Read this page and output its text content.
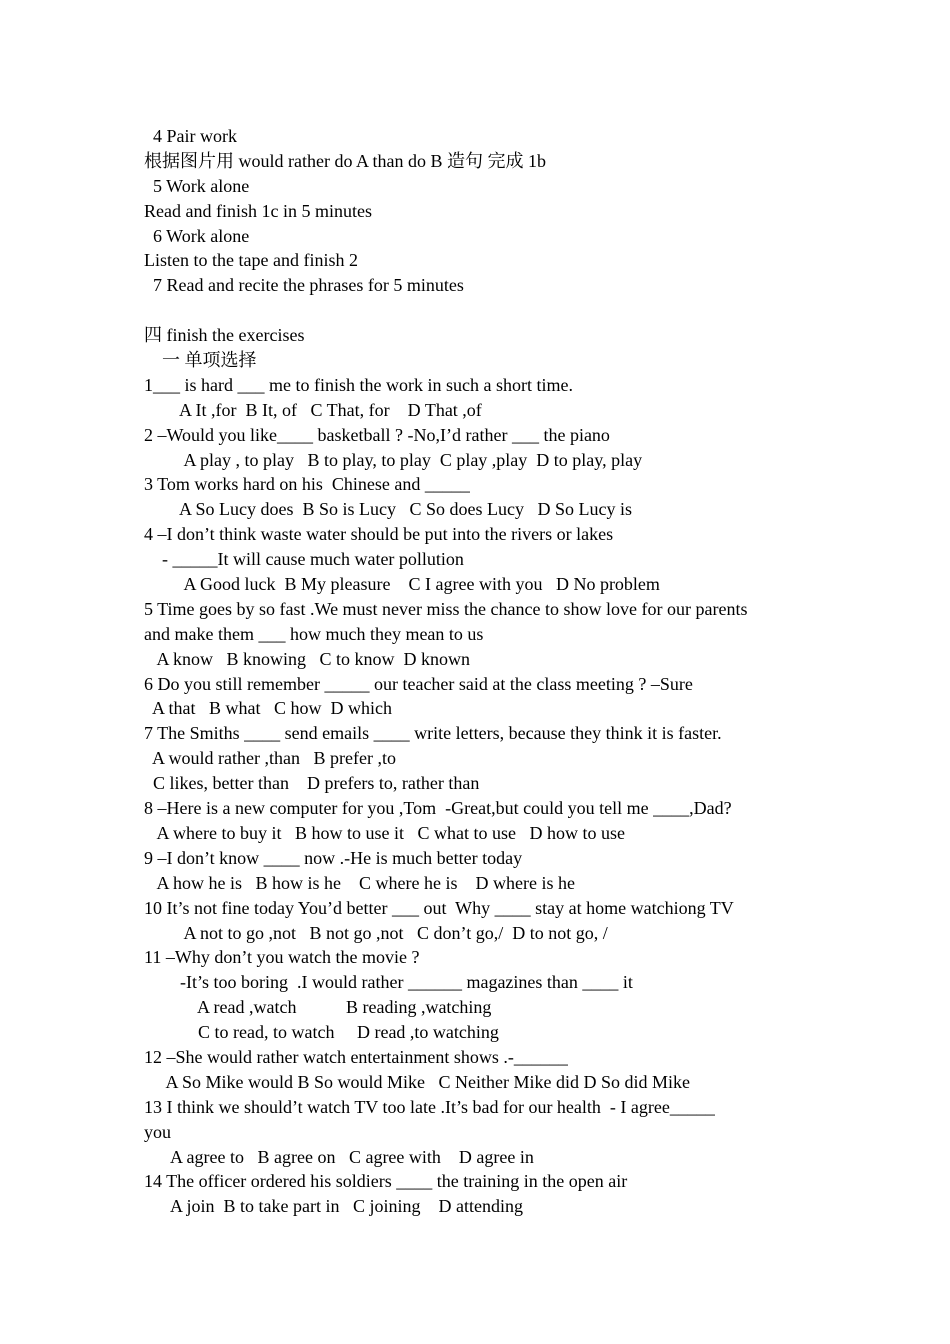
4 Pair work

根据图片用 would rather do A than do B 造句 完成 1b

5 Work alone

Read and finish 1c in 5 minutes

6 Work alone

Listen to the tape and finish 2

7 Read and recite the phrases for 5 minutes

四 finish the exercises

一 单项选择

1___ is hard ___ me to finish the work in such a short time.

A It ,for  B It, of   C That, for    D That ,of

2 –Would you like____ basketball ? -No,I’d rather ___ the piano

A play , to play   B to play, to play  C play ,play  D to play, play

3 Tom works hard on his  Chinese and _____

A So Lucy does  B So is Lucy   C So does Lucy   D So Lucy is

4 –I don’t think waste water should be put into the rivers or lakes

- _____It will cause much water pollution

A Good luck  B My pleasure    C I agree with you   D No problem

5 Time goes by so fast .We must never miss the chance to show love for our parents

and make them ___ how much they mean to us

A know   B knowing   C to know  D known

6 Do you still remember _____ our teacher said at the class meeting ? –Sure

A that   B what   C how  D which

7 The Smiths ____ send emails ____ write letters, because they think it is faster.

A would rather ,than   B prefer ,to

C likes, better than    D prefers to, rather than

8 –Here is a new computer for you ,Tom  -Great,but could you tell me ____,Dad?

A where to buy it   B how to use it   C what to use   D how to use

9 –I don’t know ____ now .-He is much better today

A how he is   B how is he    C where he is    D where is he

10 It’s not fine today You’d better ___ out  Why ____ stay at home watchiong TV

A not to go ,not   B not go ,not   C don’t go,/  D to not go, /

11 –Why don’t you watch the movie ?

-It’s too boring  .I would rather ______ magazines than ____ it

A read ,watch           B reading ,watching

C to read, to watch     D read ,to watching

12 –She would rather watch entertainment shows .-______

A So Mike would B So would Mike   C Neither Mike did D So did Mike

13 I think we should’t watch TV too late .It’s bad for our health  - I agree_____

you

A agree to   B agree on   C agree with    D agree in

14 The officer ordered his soldiers ____ the training in the open air

A join  B to take part in   C joining    D attending
